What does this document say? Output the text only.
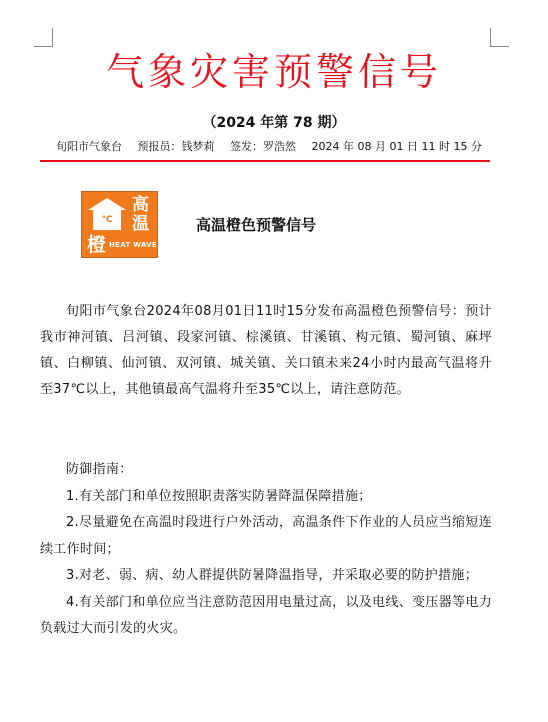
气象灾害预警信号
（2024 年第 78 期）
旬阳市气象台 预报员：钱梦莉 签发：罗浩然 2024 年 08 月 01 日 11 时 15 分
°C
高
温
橙 HEAT WAVE
高温橙色预警信号

旬阳市气象台2024年08月01日11时15分发布高温橙色预警信号：预计我市神河镇、吕河镇、段家河镇、棕溪镇、甘溪镇、构元镇、蜀河镇、麻坪镇、白柳镇、仙河镇、双河镇、城关镇、关口镇未来24小时内最高气温将升至37℃以上，其他镇最高气温将升至35℃以上，请注意防范。

防御指南：

1.有关部门和单位按照职责落实防暑降温保障措施；

2.尽量避免在高温时段进行户外活动，高温条件下作业的人员应当缩短连续工作时间；

3.对老、弱、病、幼人群提供防暑降温指导，并采取必要的防护措施；

4.有关部门和单位应当注意防范因用电量过高，以及电线、变压器等电力负载过大而引发的火灾。
